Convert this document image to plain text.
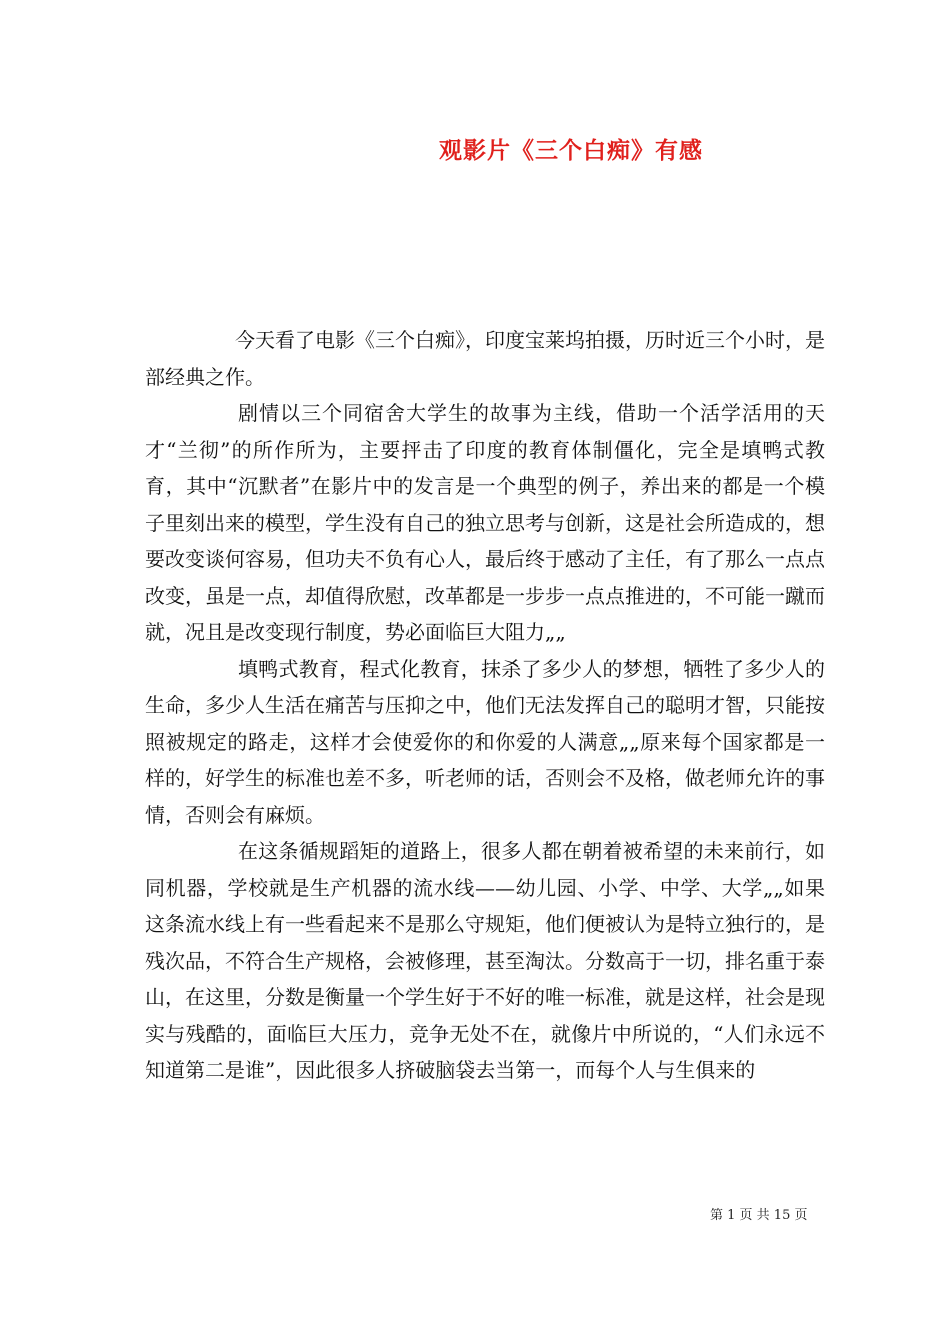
观影片《三个白痴》有感

今天看了电影《三个白痴》，印度宝莱坞拍摄，历时近三个小时，是部经典之作。

剧情以三个同宿舍大学生的故事为主线，借助一个活学活用的天才“兰彻”的所作所为，主要抨击了印度的教育体制僵化，完全是填鸭式教育，其中“沉默者”在影片中的发言是一个典型的例子，养出来的都是一个模子里刻出来的模型，学生没有自己的独立思考与创新，这是社会所造成的，想要改变谈何容易，但功夫不负有心人，最后终于感动了主任，有了那么一点点改变，虽是一点，却值得欣慰，改革都是一步步一点点推进的，不可能一蹴而就，况且是改变现行制度，势必面临巨大阻力„„

填鸭式教育，程式化教育，抹杀了多少人的梦想，牺牲了多少人的生命，多少人生活在痛苦与压抑之中，他们无法发挥自己的聪明才智，只能按照被规定的路走，这样才会使爱你的和你爱的人满意„„原来每个国家都是一样的，好学生的标准也差不多，听老师的话，否则会不及格，做老师允许的事情，否则会有麻烦。

在这条循规蹈矩的道路上，很多人都在朝着被希望的未来前行，如同机器，学校就是生产机器的流水线——幼儿园、小学、中学、大学„„如果这条流水线上有一些看起来不是那么守规矩，他们便被认为是特立独行的，是残次品，不符合生产规格，会被修理，甚至淘汰。分数高于一切，排名重于泰山，在这里，分数是衡量一个学生好于不好的唯一标准，就是这样，社会是现实与残酷的，面临巨大压力，竞争无处不在，就像片中所说的，“人们永远不知道第二是谁”，因此很多人挤破脑袋去当第一，而每个人与生俱来的

第 1 页 共 15 页
